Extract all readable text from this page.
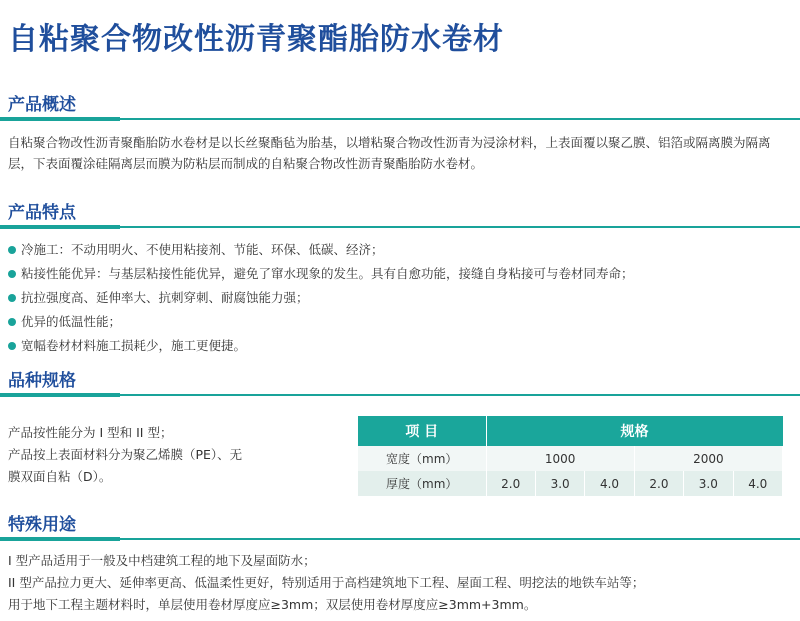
自粘聚合物改性沥青聚酯胎防水卷材
产品概述

自粘聚合物改性沥青聚酯胎防水卷材是以长丝聚酯毡为胎基，以增粘聚合物改性沥青为浸涂材料，上表面覆以聚乙膜、铝箔或隔离膜为隔离层，下表面覆涂硅隔离层而膜为防粘层而制成的自粘聚合物改性沥青聚酯胎防水卷材。

产品特点
冷施工：不动用明火、不使用粘接剂、节能、环保、低碳、经济；
粘接性能优异：与基层粘接性能优异，避免了窜水现象的发生。具有自愈功能，接缝自身粘接可与卷材同寿命；
抗拉强度高、延伸率大、抗刺穿刺、耐腐蚀能力强；
优异的低温性能；
宽幅卷材材料施工损耗少，施工更便捷。
品种规格
产品按性能分为 I 型和 II 型；
产品按上表面材料分为聚乙烯膜（PE）、无
膜双面自粘（D）。
项 目	规格					
宽度（mm）	1000			2000		
厚度（mm）	2.0	3.0	4.0	2.0	3.0	4.0
特殊用途
I 型产品适用于一般及中档建筑工程的地下及屋面防水；
II 型产品拉力更大、延伸率更高、低温柔性更好，特别适用于高档建筑地下工程、屋面工程、明挖法的地铁车站等；
用于地下工程主题材料时，单层使用卷材厚度应≥3mm；双层使用卷材厚度应≥3mm+3mm。
